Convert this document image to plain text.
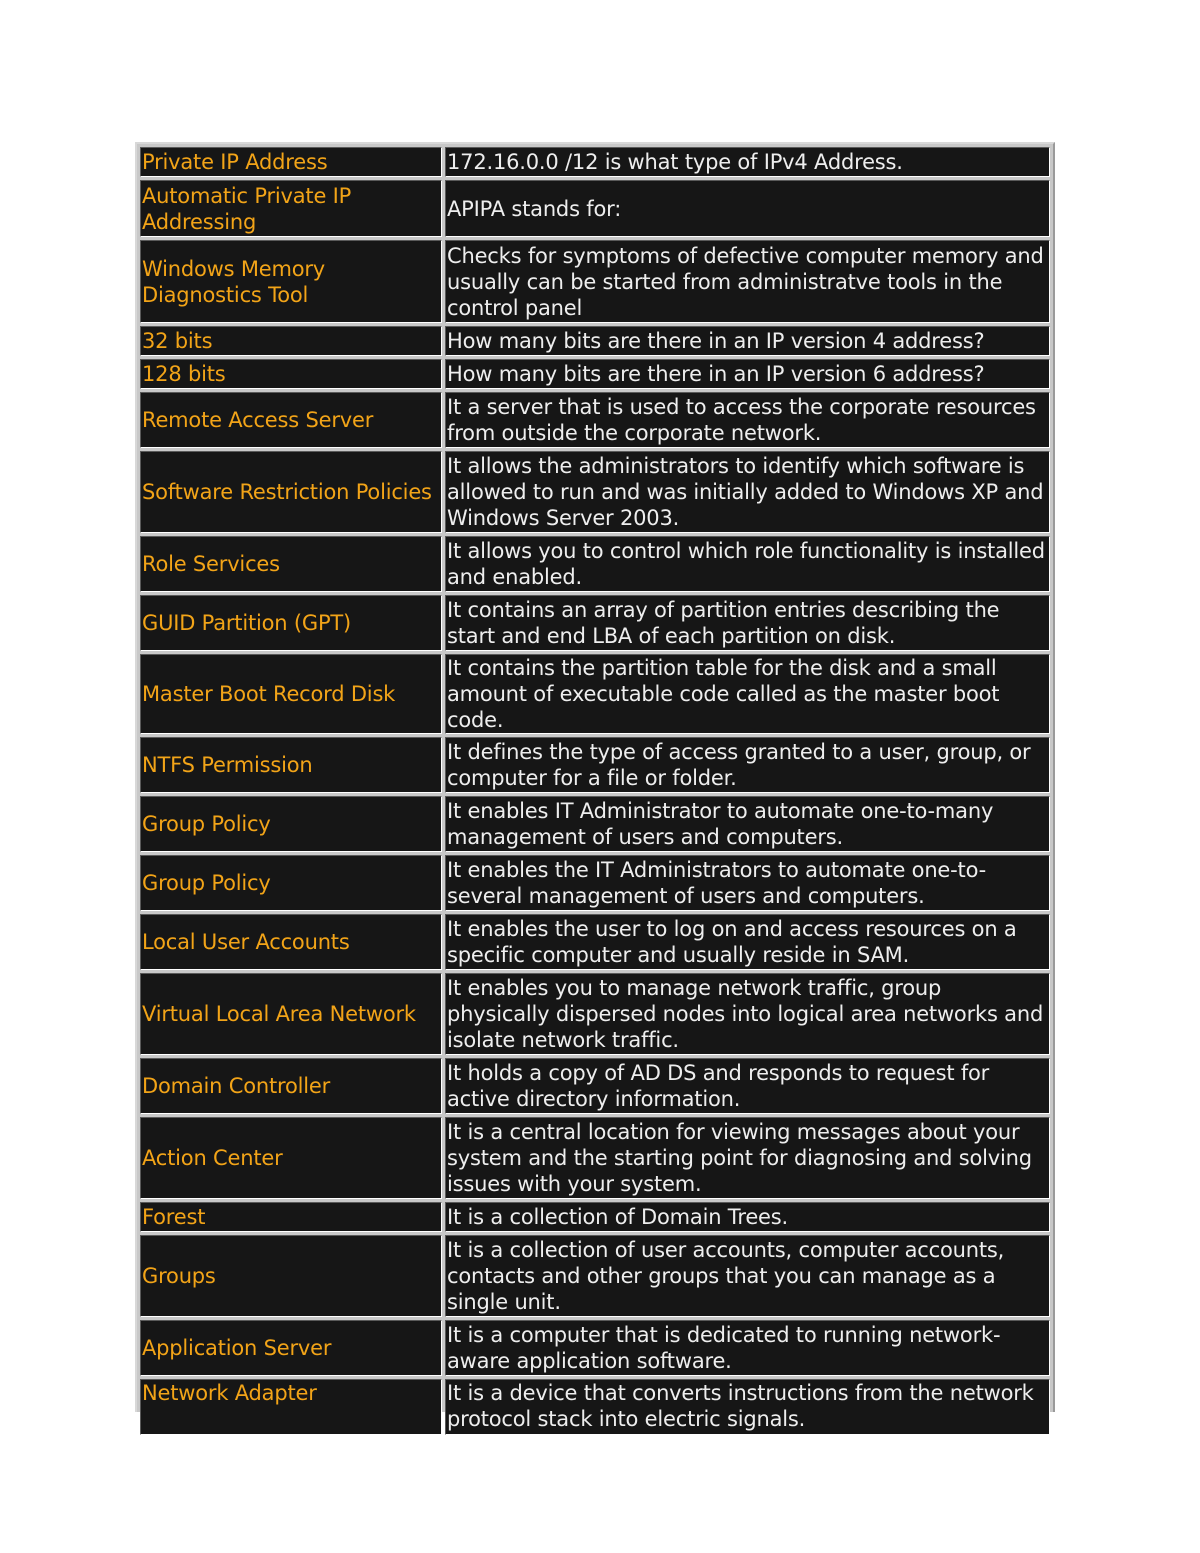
Private IP Address	172.16.0.0 /12 is what type of IPv4 Address.
Automatic Private IP Addressing	APIPA stands for:
Windows Memory Diagnostics Tool	Checks for symptoms of defective computer memory and usually can be started from administratve tools in the control panel
32 bits	How many bits are there in an IP version 4 address?
128 bits	How many bits are there in an IP version 6 address?
Remote Access Server	It a server that is used to access the corporate resources from outside the corporate network.
Software Restriction Policies	It allows the administrators to identify which software is allowed to run and was initially added to Windows XP and Windows Server 2003.
Role Services	It allows you to control which role functionality is installed and enabled.
GUID Partition (GPT)	It contains an array of partition entries describing the start and end LBA of each partition on disk.
Master Boot Record Disk	It contains the partition table for the disk and a small amount of executable code called as the master boot code.
NTFS Permission	It defines the type of access granted to a user, group, or computer for a file or folder.
Group Policy	It enables IT Administrator to automate one-to-many management of users and computers.
Group Policy	It enables the IT Administrators to automate one-to-several management of users and computers.
Local User Accounts	It enables the user to log on and access resources on a specific computer and usually reside in SAM.
Virtual Local Area Network	It enables you to manage network traffic, group physically dispersed nodes into logical area networks and isolate network traffic.
Domain Controller	It holds a copy of AD DS and responds to request for active directory information.
Action Center	It is a central location for viewing messages about your system and the starting point for diagnosing and solving issues with your system.
Forest	It is a collection of Domain Trees.
Groups	It is a collection of user accounts, computer accounts, contacts and other groups that you can manage as a single unit.
Application Server	It is a computer that is dedicated to running network-aware application software.
Network Adapter	It is a device that converts instructions from the network protocol stack into electric signals.
